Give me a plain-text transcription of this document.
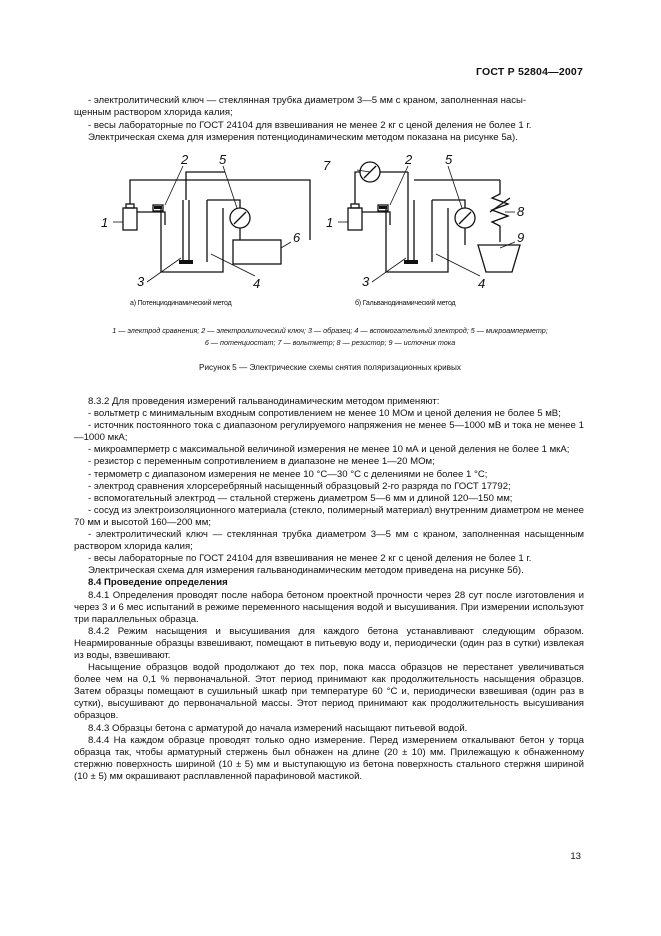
ГОСТ Р 52804—2007
- электролитический ключ — стеклянная трубка диаметром 3—5 мм с краном, заполненная насы-
щенным раствором хлорида калия;
- весы лабораторные по ГОСТ 24104 для взвешивания не менее 2 кг с ценой деления не более 1 г.
Электрическая схема для измерения потенциодинамическим методом показана на рисунке 5а).
1
2 5
6
3	4
7	2
1
5
8
9
3	4
а) Потенциодинамический метод	б) Гальванодинамический метод
1 — электрод сравнения; 2 — электролитический ключ; 3 — образец; 4 — вспомогательный электрод; 5 — микроамперметр;
6 — потенциостат; 7 — вольтметр; 8 — резистор; 9 — источник тока
Рисунок 5 — Электрические схемы снятия поляризационных кривых

8.3.2 Для проведения измерений гальванодинамическим методом применяют:

- вольтметр с минимальным входным сопротивлением не менее 10 МОм и ценой деления не более 5 мВ;

- источник постоянного тока с диапазоном регулируемого напряжения не менее 5—1000 мВ и тока не менее 1—1000 мкА;

- микроамперметр с максимальной величиной измерения не менее 10 мА и ценой деления не более 1 мкА;

- резистор с переменным сопротивлением в диапазоне не менее 1—20 МОм;

- термометр с диапазоном измерения не менее 10 °С—30 °С с делениями не более 1 °С;

- электрод сравнения хлорсеребряный насыщенный образцовый 2-го разряда по ГОСТ 17792;

- вспомогательный электрод — стальной стержень диаметром 5—6 мм и длиной 120—150 мм;

- сосуд из электроизоляционного материала (стекло, полимерный материал) внутренним диаметром не менее 70 мм и высотой 160—200 мм;

- электролитический ключ — стеклянная трубка диаметром 3—5 мм с краном, заполненная насыщенным раствором хлорида калия;

- весы лабораторные по ГОСТ 24104 для взвешивания не менее 2 кг с ценой деления не более 1 г.

Электрическая схема для измерения гальванодинамическим методом приведена на рисунке 5б).

8.4 Проведение определения

8.4.1 Определения проводят после набора бетоном проектной прочности через 28 сут после изготовления и через 3 и 6 мес испытаний в режиме переменного насыщения водой и высушивания. При измерении используют три параллельных образца.

8.4.2 Режим насыщения и высушивания для каждого бетона устанавливают следующим образом. Неармированные образцы взвешивают, помещают в питьевую воду и, периодически (один раз в сутки) извлекая из воды, взвешивают.

Насыщение образцов водой продолжают до тех пор, пока масса образцов не перестанет увеличиваться более чем на 0,1 % первоначальной. Этот период принимают как продолжительность насыщения образцов. Затем образцы помещают в сушильный шкаф при температуре 60 °С и, периодически взвешивая (один раз в сутки), высушивают до первоначальной массы. Этот период принимают как продолжительность высушивания образцов.

8.4.3 Образцы бетона с арматурой до начала измерений насыщают питьевой водой.

8.4.4 На каждом образце проводят только одно измерение. Перед измерением откалывают бетон у торца образца так, чтобы арматурный стержень был обнажен на длине (20 ± 10) мм. Прилежащую к обнаженному стержню поверхность шириной (10 ± 5) мм и выступающую из бетона поверхность стального стержня шириной (10 ± 5) мм окрашивают расплавленной парафиновой мастикой.

13
